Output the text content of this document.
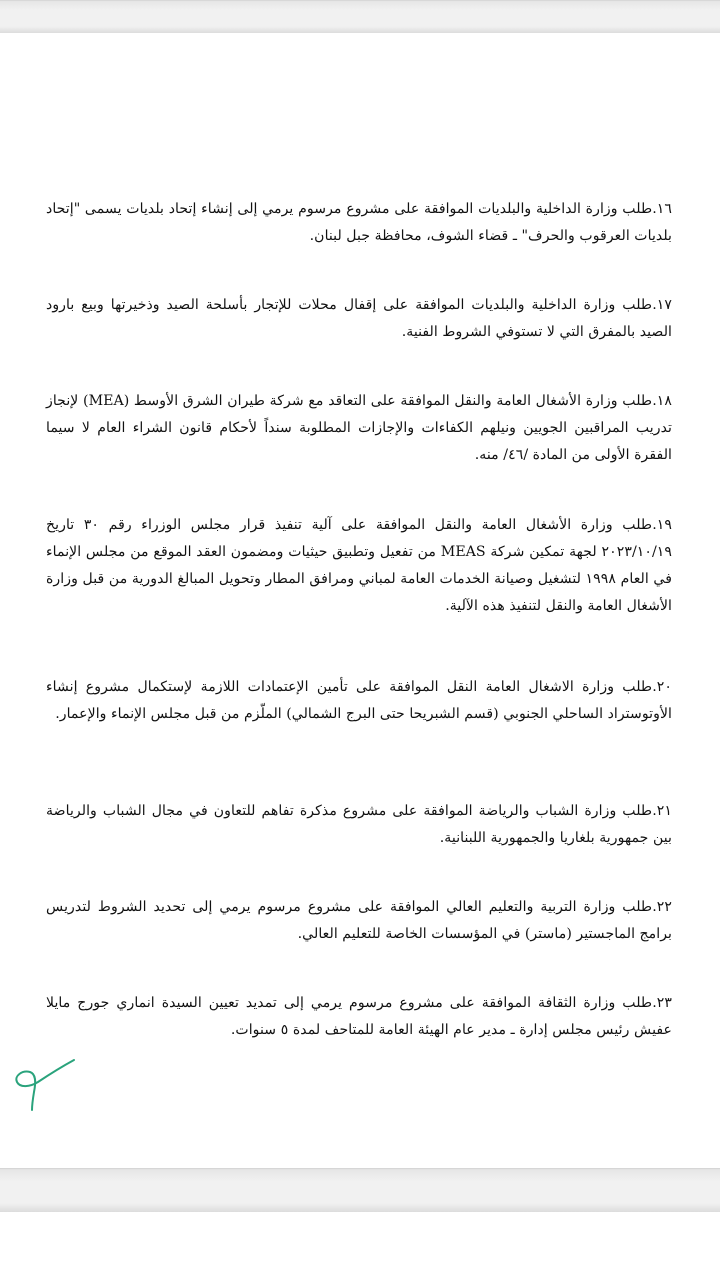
١٦.طلب وزارة الداخلية والبلديات الموافقة على مشروع مرسوم يرمي إلى إنشاء إتحاد بلديات يسمى "إتحاد بلديات العرقوب والحرف" ـ قضاء الشوف، محافظة جبل لبنان.
١٧.طلب وزارة الداخلية والبلديات الموافقة على إقفال محلات للإتجار بأسلحة الصيد وذخيرتها وبيع بارود الصيد بالمفرق التي لا تستوفي الشروط الفنية.
١٨.طلب وزارة الأشغال العامة والنقل الموافقة على التعاقد مع شركة طيران الشرق الأوسط (MEA) لإنجاز تدريب المراقبين الجويين ونيلهم الكفاءات والإجازات المطلوبة سنداً لأحكام قانون الشراء العام لا سيما الفقرة الأولى من المادة /٤٦/ منه.
١٩.طلب وزارة الأشغال العامة والنقل الموافقة على آلية تنفيذ قرار مجلس الوزراء رقم ٣٠ تاريخ ٢٠٢٣/١٠/١٩ لجهة تمكين شركة MEAS من تفعيل وتطبيق حيثيات ومضمون العقد الموقع من مجلس الإنماء في العام ١٩٩٨ لتشغيل وصيانة الخدمات العامة لمباني ومرافق المطار وتحويل المبالغ الدورية من قبل وزارة الأشغال العامة والنقل لتنفيذ هذه الآلية.
٢٠.طلب وزارة الاشغال العامة النقل الموافقة على تأمين الإعتمادات اللازمة لإستكمال مشروع إنشاء الأوتوستراد الساحلي الجنوبي (قسم الشبريحا حتى البرج الشمالي) الملّزم من قبل مجلس الإنماء والإعمار.
٢١.طلب وزارة الشباب والرياضة الموافقة على مشروع مذكرة تفاهم للتعاون في مجال الشباب والرياضة بين جمهورية بلغاريا والجمهورية اللبنانية.
٢٢.طلب وزارة التربية والتعليم العالي الموافقة على مشروع مرسوم يرمي إلى تحديد الشروط لتدريس برامج الماجستير (ماستر) في المؤسسات الخاصة للتعليم العالي.
٢٣.طلب وزارة الثقافة الموافقة على مشروع مرسوم يرمي إلى تمديد تعيين السيدة انماري جورج مايلا عفيش رئيس مجلس إدارة ـ مدير عام الهيئة العامة للمتاحف لمدة ٥ سنوات.
